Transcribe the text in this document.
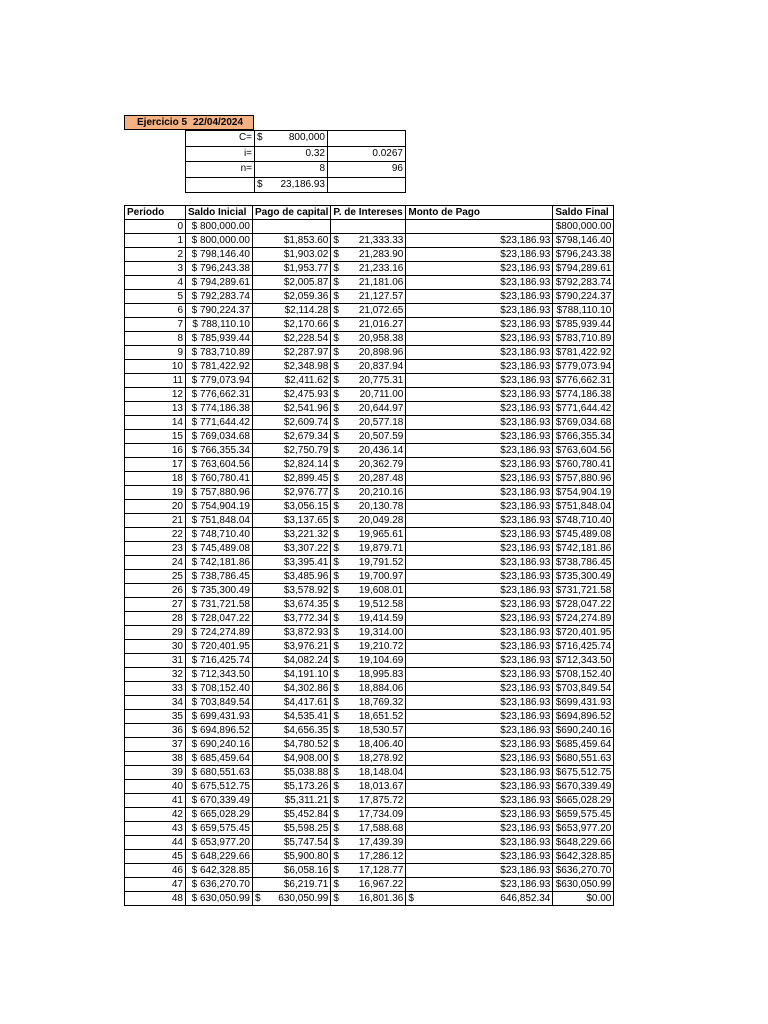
Ejercicio 5 22/04/2024
C=	$ 800,000	

i=	0.32	0.0267
n=	8	96

	$ 23,186.93	

Periodo	Saldo Inicial	Pago de capital	P. de Intereses	Monto de Pago	Saldo Final
0	$ 800,000.00				$800,000.00
1	$ 800,000.00	$1,853.60	$ 21,333.33	$23,186.93	$798,146.40
2	$ 798,146.40	$1,903.02	$ 21,283.90	$23,186.93	$796,243.38
3	$ 796,243.38	$1,953.77	$ 21,233.16	$23,186.93	$794,289.61
4	$ 794,289.61	$2,005.87	$ 21,181.06	$23,186.93	$792,283.74
5	$ 792,283.74	$2,059.36	$ 21,127.57	$23,186.93	$790,224.37
6	$ 790,224.37	$2,114.28	$ 21,072.65	$23,186.93	$788,110.10
7	$ 788,110.10	$2,170.66	$ 21,016.27	$23,186.93	$785,939.44
8	$ 785,939.44	$2,228.54	$ 20,958.38	$23,186.93	$783,710.89
9	$ 783,710.89	$2,287.97	$ 20,898.96	$23,186.93	$781,422.92
10	$ 781,422.92	$2,348.98	$ 20,837.94	$23,186.93	$779,073.94
11	$ 779,073.94	$2,411.62	$ 20,775.31	$23,186.93	$776,662.31
12	$ 776,662.31	$2,475.93	$ 20,711.00	$23,186.93	$774,186.38
13	$ 774,186.38	$2,541.96	$ 20,644.97	$23,186.93	$771,644.42
14	$ 771,644.42	$2,609.74	$ 20,577.18	$23,186.93	$769,034.68
15	$ 769,034.68	$2,679.34	$ 20,507.59	$23,186.93	$766,355.34
16	$ 766,355.34	$2,750.79	$ 20,436.14	$23,186.93	$763,604.56
17	$ 763,604.56	$2,824.14	$ 20,362.79	$23,186.93	$760,780.41
18	$ 760,780.41	$2,899.45	$ 20,287.48	$23,186.93	$757,880.96
19	$ 757,880.96	$2,976.77	$ 20,210.16	$23,186.93	$754,904.19
20	$ 754,904.19	$3,056.15	$ 20,130.78	$23,186.93	$751,848.04
21	$ 751,848.04	$3,137.65	$ 20,049.28	$23,186.93	$748,710.40
22	$ 748,710.40	$3,221.32	$ 19,965.61	$23,186.93	$745,489.08
23	$ 745,489.08	$3,307.22	$ 19,879.71	$23,186.93	$742,181.86
24	$ 742,181.86	$3,395.41	$ 19,791.52	$23,186.93	$738,786.45
25	$ 738,786.45	$3,485.96	$ 19,700.97	$23,186.93	$735,300.49
26	$ 735,300.49	$3,578.92	$ 19,608.01	$23,186.93	$731,721.58
27	$ 731,721.58	$3,674.35	$ 19,512.58	$23,186.93	$728,047.22
28	$ 728,047.22	$3,772.34	$ 19,414.59	$23,186.93	$724,274.89
29	$ 724,274.89	$3,872.93	$ 19,314.00	$23,186.93	$720,401.95
30	$ 720,401.95	$3,976.21	$ 19,210.72	$23,186.93	$716,425.74
31	$ 716,425.74	$4,082.24	$ 19,104.69	$23,186.93	$712,343.50
32	$ 712,343.50	$4,191.10	$ 18,995.83	$23,186.93	$708,152.40
33	$ 708,152.40	$4,302.86	$ 18,884.06	$23,186.93	$703,849.54
34	$ 703,849.54	$4,417.61	$ 18,769.32	$23,186.93	$699,431.93
35	$ 699,431.93	$4,535.41	$ 18,651.52	$23,186.93	$694,896.52
36	$ 694,896.52	$4,656.35	$ 18,530.57	$23,186.93	$690,240.16
37	$ 690,240.16	$4,780.52	$ 18,406.40	$23,186.93	$685,459.64
38	$ 685,459.64	$4,908.00	$ 18,278.92	$23,186.93	$680,551.63
39	$ 680,551.63	$5,038.88	$ 18,148.04	$23,186.93	$675,512.75
40	$ 675,512.75	$5,173.26	$ 18,013.67	$23,186.93	$670,339.49
41	$ 670,339.49	$5,311.21	$ 17,875.72	$23,186.93	$665,028.29
42	$ 665,028.29	$5,452.84	$ 17,734.09	$23,186.93	$659,575.45
43	$ 659,575.45	$5,598.25	$ 17,588.68	$23,186.93	$653,977.20
44	$ 653,977.20	$5,747.54	$ 17,439.39	$23,186.93	$648,229.66
45	$ 648,229.66	$5,900.80	$ 17,286.12	$23,186.93	$642,328.85
46	$ 642,328.85	$6,058.16	$ 17,128.77	$23,186.93	$636,270.70
47	$ 636,270.70	$6,219.71	$ 16,967.22	$23,186.93	$630,050.99
48	$ 630,050.99	$ 630,050.99	$ 16,801.36	$ 646,852.34	$0.00
